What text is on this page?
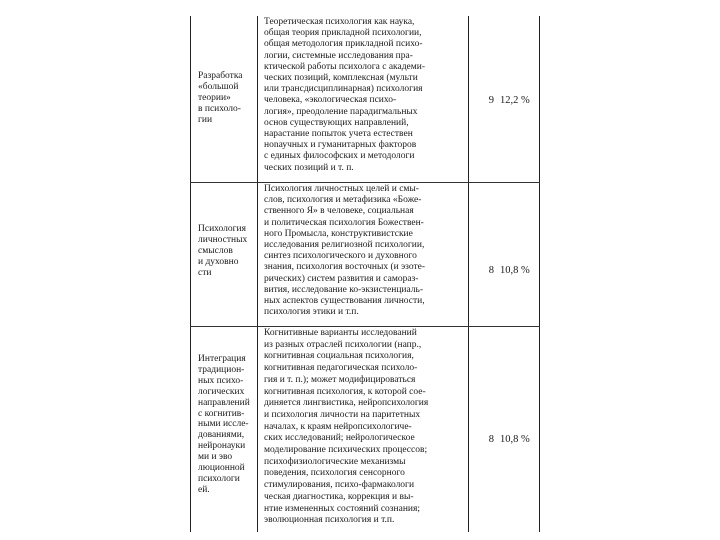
Разработка
«большой
теории»
в психоло-
гии
Теоретическая психология как наука,
общая теория прикладной психологии,
общая методология прикладной психо-
логии, системные исследования пра-
ктической работы психолога с академи-
ческих позиций, комплексная (мульти
или трансдисциплинарная) психология
человека, «экологическая психо-
логия», преодоление парадигмальных
основ существующих направлений,
нарастание попыток учета естествен
ноnаучных и гуманитарных факторов
с единых философских и методологи
ческих позиций и т. п.
9 12,2 %
Психология
личностных
смыслов
и духовно
сти
Психология личностных целей и смы-
слов, психология и метафизика «Боже-
ственного Я» в человеке, социальная
и политическая психология Божествен-
ного Промысла, конструктивистские
исследования религиозной психологии,
синтез психологического и духовного
знания, психология восточных (и эзоте-
рических) систем развития и самораз-
вития, исследование ко-экзистенциаль-
ных аспектов существования личности,
психология этики и т.п.
8 10,8 %
Интеграция
традицион-
ных психо-
логических
направлений
с когнитив-
ными иссле-
дованиями,
нейронауки
ми и эво
люционной
психологи
ей.
Когнитивные варианты исследований
из разных отраслей психологии (напр.,
когнитивная социальная психология,
когнитивная педагогическая психоло-
гия и т. п.); может модифицироваться
когнитивная психология, к которой сое-
диняется лингвистика, нейропсихология
и психология личности на паритетных
началах, к краям нейропсихологиче-
ских исследований; нейрологическое
моделирование психических процессов;
психофизиологические механизмы
поведения, психология сенсорного
стимулирования, психо-фармакологи
ческая диагностика, коррекция и вы-
нтие измененных состояний сознания;
эволюционная психология и т.п.
8 10,8 %
